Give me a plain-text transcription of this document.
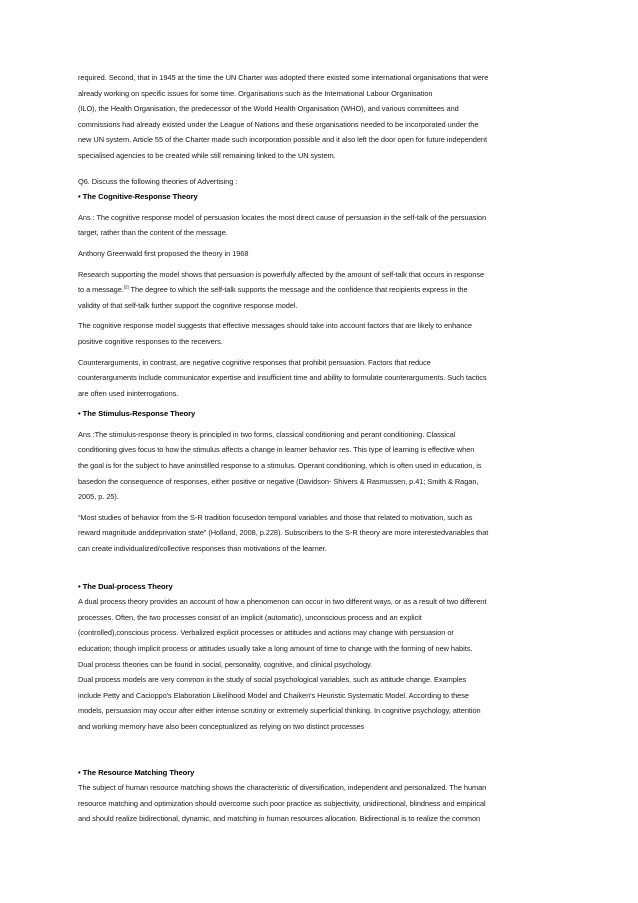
required. Second, that in 1945 at the time the UN Charter was adopted there existed some international organisations that were

already working on specific issues for some time. Organisations such as the International Labour Organisation

(ILO), the Health Organisation, the predecessor of the World Health Organisation (WHO), and various committees and

commissions had already existed under the League of Nations and these organisations needed to be incorporated under the

new UN system. Article 55 of the Charter made such incorporation possible and it also left the door open for future independent

specialised agencies to be created while still remaining linked to the UN system.

Q6. Discuss the following theories of Advertising :

• The Cognitive-Response Theory

Ans : The cognitive response model of persuasion locates the most direct cause of persuasion in the self-talk of the persuasion

target, rather than the content of the message.

Anthony Greenwald first proposed the theory in 1968

Research supporting the model shows that persuasion is powerfully affected by the amount of self-talk that occurs in response

to a message.[2] The degree to which the self-talk supports the message and the confidence that recipients express in the

validity of that self-talk further support the cognitive response model.

The cognitive response model suggests that effective messages should take into account factors that are likely to enhance

positive cognitive responses to the receivers.

Counterarguments, in contrast, are negative cognitive responses that prohibit persuasion. Factors that reduce

counterarguments include communicator expertise and insufficient time and ability to formulate counterarguments. Such tactics

are often used ininterrogations.

• The Stimulus-Response Theory

Ans :The stimulus-response theory is principled in two forms, classical conditioning and perant conditioning. Classical

conditioning gives focus to how the stimulus affects a change in learner behavior res. This type of learning is effective when

the goal is for the subject to have aninstilled response to a stimulus. Operant conditioning, which is often used in education, is

basedon the consequence of responses, either positive or negative (Davidson- Shivers & Rasmussen, p.41; Smith & Ragan,

2005, p. 25).

“Most studies of behavior from the S-R tradition focusedon temporal variables and those that related to motivation, such as

reward magnitude anddeprivation state” (Holland, 2008, p.228). Subscribers to the S-R theory are more interestedvariables that

can create individualized/collective responses than motivations of the learner.

• The Dual-process Theory

A dual process theory provides an account of how a phenomenon can occur in two different ways, or as a result of two different

processes. Often, the two processes consist of an implicit (automatic), unconscious process and an explicit

(controlled),conscious process. Verbalized explicit processes or attitudes and actions may change with persuasion or

education; though implicit process or attitudes usually take a long amount of time to change with the forming of new habits.

Dual process theories can be found in social, personality, cognitive, and clinical psychology.

Dual process models are very common in the study of social psychological variables, such as attitude change. Examples

include Petty and Cacioppo's Elaboration Likelihood Model and Chaiken's Heuristic Systematic Model. According to these

models, persuasion may occur after either intense scrutiny or extremely superficial thinking. In cognitive psychology, attention

and working memory have also been conceptualized as relying on two distinct processes

• The Resource Matching Theory

The subject of human resource matching shows the characteristic of diversification, independent and personalized. The human

resource matching and optimization should overcome such poor practice as subjectivity, unidirectional, blindness and empirical

and should realize bidirectional, dynamic, and matching in human resources allocation. Bidirectional is to realize the common
